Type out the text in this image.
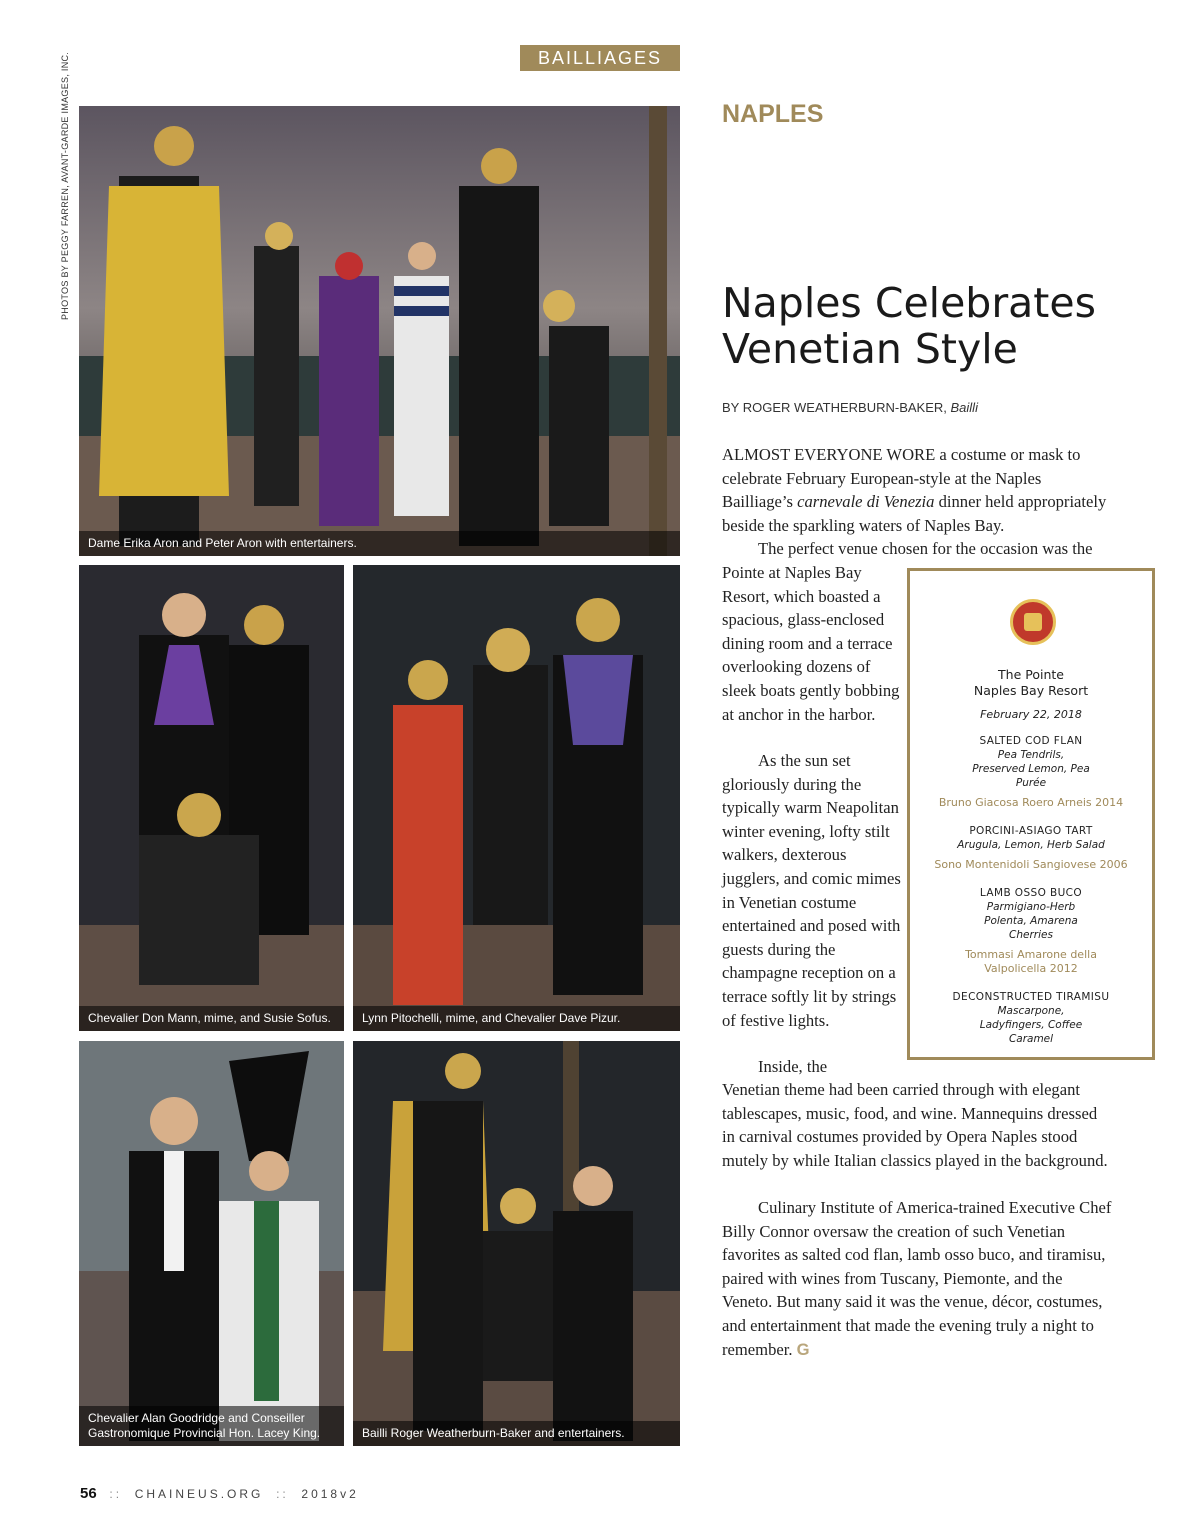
BAILLIAGES
PHOTOS BY PEGGY FARREN, AVANT-GARDE IMAGES, INC.
Dame Erika Aron and Peter Aron with entertainers.
Chevalier Don Mann, mime, and Susie Sofus.	Lynn Pitochelli, mime, and Chevalier Dave Pizur.
Chevalier Alan Goodridge and Conseiller Gastronomique Provincial Hon. Lacey King.	Bailli Roger Weatherburn-Baker and entertainers.
NAPLES
Naples Celebrates Venetian Style
BY ROGER WEATHERBURN-BAKER, Bailli

ALMOST EVERYONE WORE a costume or mask to celebrate February European-style at the Naples Bailliage’s carnevale di Venezia dinner held appropriately beside the sparkling waters of Naples Bay.

The perfect venue chosen for the occasion was the

Pointe at Naples Bay Resort, which boasted a spacious, glass-enclosed dining room and a terrace overlooking dozens of sleek boats gently bobbing at anchor in the harbor.

As the sun set gloriously during the typically warm Neapolitan winter evening, lofty stilt walkers, dexterous jugglers, and comic mimes in Venetian costume entertained and posed with guests during the champagne reception on a terrace softly lit by strings of festive lights.

Inside, the

Venetian theme had been carried through with elegant tablescapes, music, food, and wine. Mannequins dressed in carnival costumes provided by Opera Naples stood mutely by while Italian classics played in the background.

Culinary Institute of America-trained Executive Chef Billy Connor oversaw the creation of such Venetian favorites as salted cod flan, lamb osso buco, and tiramisu, paired with wines from Tuscany, Piemonte, and the Veneto. But many said it was the venue, décor, costumes, and entertainment that made the evening truly a night to remember. G

The Pointe
Naples Bay Resort
February 22, 2018
SALTED COD FLAN
Pea Tendrils, Preserved Lemon, Pea Purée
Bruno Giacosa Roero Arneis 2014
PORCINI-ASIAGO TART
Arugula, Lemon, Herb Salad
Sono Montenidoli Sangiovese 2006
LAMB OSSO BUCO
Parmigiano-Herb Polenta, Amarena Cherries
Tommasi Amarone della Valpolicella 2012
DECONSTRUCTED TIRAMISU
Mascarpone, Ladyfingers, Coffee Caramel
56 :: CHAINEUS.ORG :: 2018v2
